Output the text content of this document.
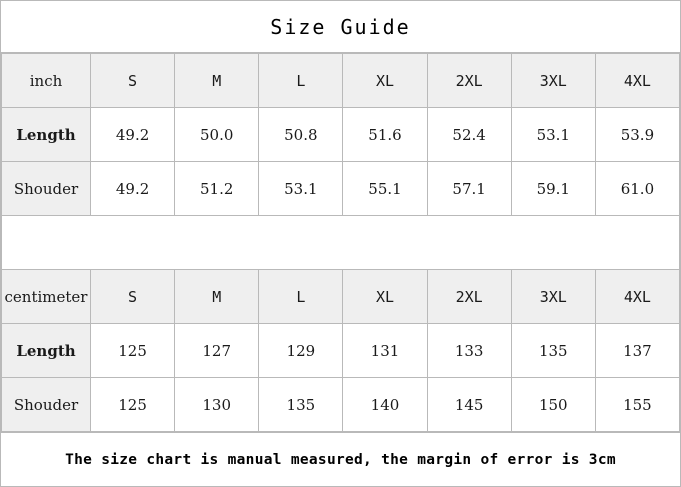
Size Guide
inch	S	M	L	XL	2XL	3XL	4XL
Length	49.2	50.0	50.8	51.6	52.4	53.1	53.9
Shouder	49.2	51.2	53.1	55.1	57.1	59.1	61.0

centimeter	S	M	L	XL	2XL	3XL	4XL
Length	125	127	129	131	133	135	137
Shouder	125	130	135	140	145	150	155
The size chart is manual measured, the margin of error is 3cm
